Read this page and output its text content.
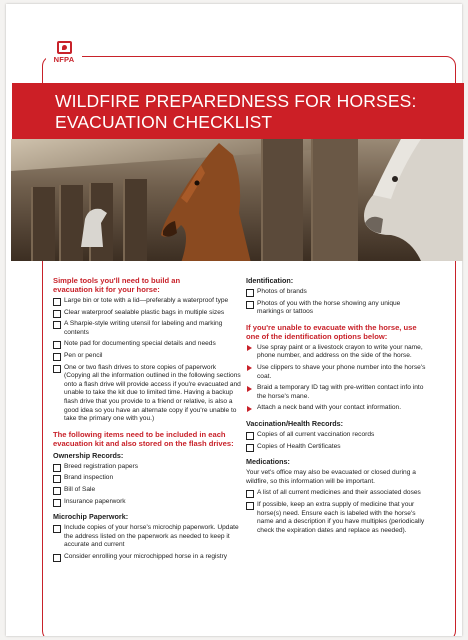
NFPA
WILDFIRE PREPAREDNESS FOR HORSES:
EVACUATION CHECKLIST
Simple tools you'll need to build an
evacuation kit for your horse:
Large bin or tote with a lid—preferably a waterproof type
Clear waterproof sealable plastic bags in multiple sizes
A Sharpie-style writing utensil for labeling and marking contents
Note pad for documenting special details and needs
Pen or pencil
One or two flash drives to store copies of paperwork (Copying all the information outlined in the following sections onto a flash drive will provide access if you're evacuated and unable to take the kit due to limited time. Having a backup flash drive that you provide to a friend or relative, is also a good idea so you have an alternate copy if you're unable to take the primary one with you.)
The following items need to be included in each
evacuation kit and also stored on the flash drives:
Ownership Records:
Breed registration papers
Brand inspection
Bill of Sale
Insurance paperwork
Microchip Paperwork:
Include copies of your horse's microchip paperwork. Update the address listed on the paperwork as needed to keep it accurate and current
Consider enrolling your microchipped horse in a registry
Identification:
Photos of brands
Photos of you with the horse showing any unique markings or tattoos
If you're unable to evacuate with the horse, use
one of the identification options below:
Use spray paint or a livestock crayon to write your name, phone number, and address on the side of the horse.
Use clippers to shave your phone number into the horse's coat.
Braid a temporary ID tag with pre-written contact info into the horse's mane.
Attach a neck band with your contact information.
Vaccination/Health Records:
Copies of all current vaccination records
Copies of Health Certificates
Medications:
Your vet's office may also be evacuated or closed during a wildfire, so this information will be important.
A list of all current medicines and their associated doses
If possible, keep an extra supply of medicine that your horse(s) need. Ensure each is labeled with the horse's name and a description if you have multiples (periodically check the expiration dates and replace as needed).
